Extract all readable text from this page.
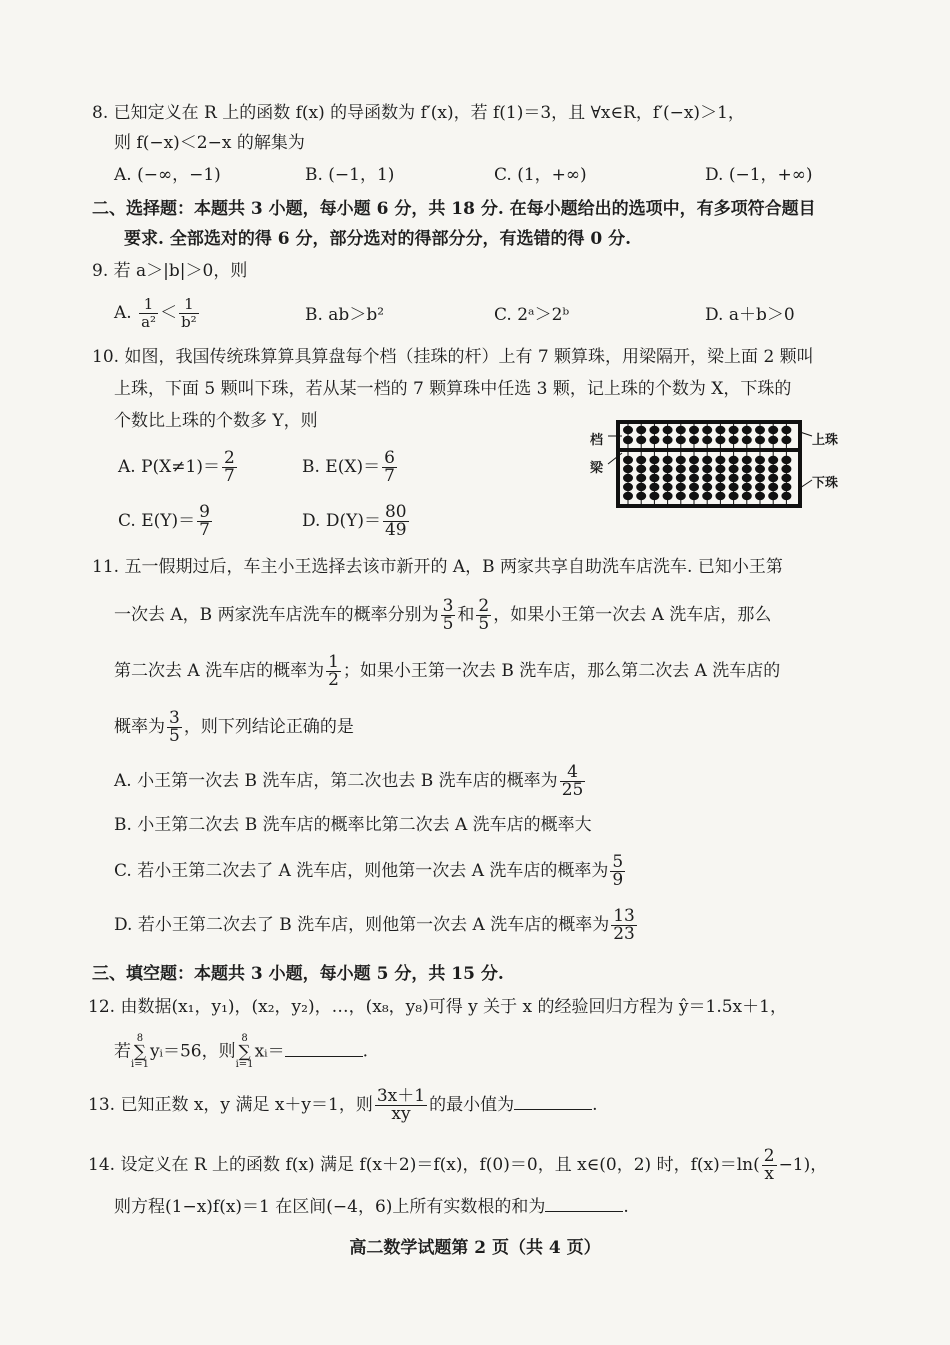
8. 已知定义在 R 上的函数 f(x) 的导函数为 f′(x)，若 f(1)＝3，且 ∀x∈R，f′(−x)＞1，
则 f(−x)＜2−x 的解集为
A. (−∞，−1)	B. (−1，1)	C. (1，+∞)	D. (−1，+∞)
二、选择题：本题共 3 小题，每小题 6 分，共 18 分. 在每小题给出的选项中，有多项符合题目
要求. 全部选对的得 6 分，部分选对的得部分分，有选错的得 0 分.
9. 若 a＞|b|＞0，则
A. $\frac{1}{\text{a²}} < \frac{1}{\text{b²}}$	B. ab＞b²	C. 2ᵃ＞2ᵇ	D. a＋b＞0
10. 如图，我国传统珠算算具算盘每个档（挂珠的杆）上有 7 颗算珠，用梁隔开，梁上面 2 颗叫
上珠，下面 5 颗叫下珠，若从某一档的 7 颗算珠中任选 3 颗，记上珠的个数为 X，下珠的
个数比上珠的个数多 Y，则
A. $P(X\ne 1)= \frac{2}{7}$	B. $E(X)= \frac{6}{7}$
C. $E(Y)= \frac{9}{7}$	D. $D(Y)= \frac{80}{49}$
档
梁
上珠
下珠
11. 五一假期过后，车主小王选择去该市新开的 A，B 两家共享自助洗车店洗车. 已知小王第
一次去 A，B 两家洗车店洗车的概率分别为 $\frac{3}{5}$ 和 $\frac{2}{5}$ ，如果小王第一次去 A 洗车店，那么
第二次去 A 洗车店的概率为 $\frac{1}{2}$ ；如果小王第一次去 B 洗车店，那么第二次去 A 洗车店的
概率为 $\frac{3}{5}$ ，则下列结论正确的是
A. 小王第一次去 B 洗车店，第二次也去 B 洗车店的概率为 $\frac{4}{25}$
B. 小王第二次去 B 洗车店的概率比第二次去 A 洗车店的概率大
C. 若小王第二次去了 A 洗车店，则他第一次去 A 洗车店的概率为 $\frac{5}{9}$
D. 若小王第二次去了 B 洗车店，则他第一次去 A 洗车店的概率为 $\frac{13}{23}$
三、填空题：本题共 3 小题，每小题 5 分，共 15 分.
12. 由数据(x₁，y₁)，(x₂，y₂)，…，(x₈，y₈)可得 y 关于 x 的经验回归方程为 ŷ＝1.5x＋1，
若8
∑
i=1yᵢ＝56，则8
∑
i=1xᵢ＝	.
13. 已知正数 x，y 满足 x＋y＝1，则 $\frac{3x+1}{xy}$ 的最小值为	.
14. 设定义在 R 上的函数 f(x) 满足 f(x＋2)＝f(x)，f(0)＝0，且 x∈(0，2) 时，$f(x)=\ln( \frac{2}{x} -1)$，
则方程(1−x)f(x)＝1 在区间(−4，6)上所有实数根的和为	.
高二数学试题第 2 页（共 4 页）
